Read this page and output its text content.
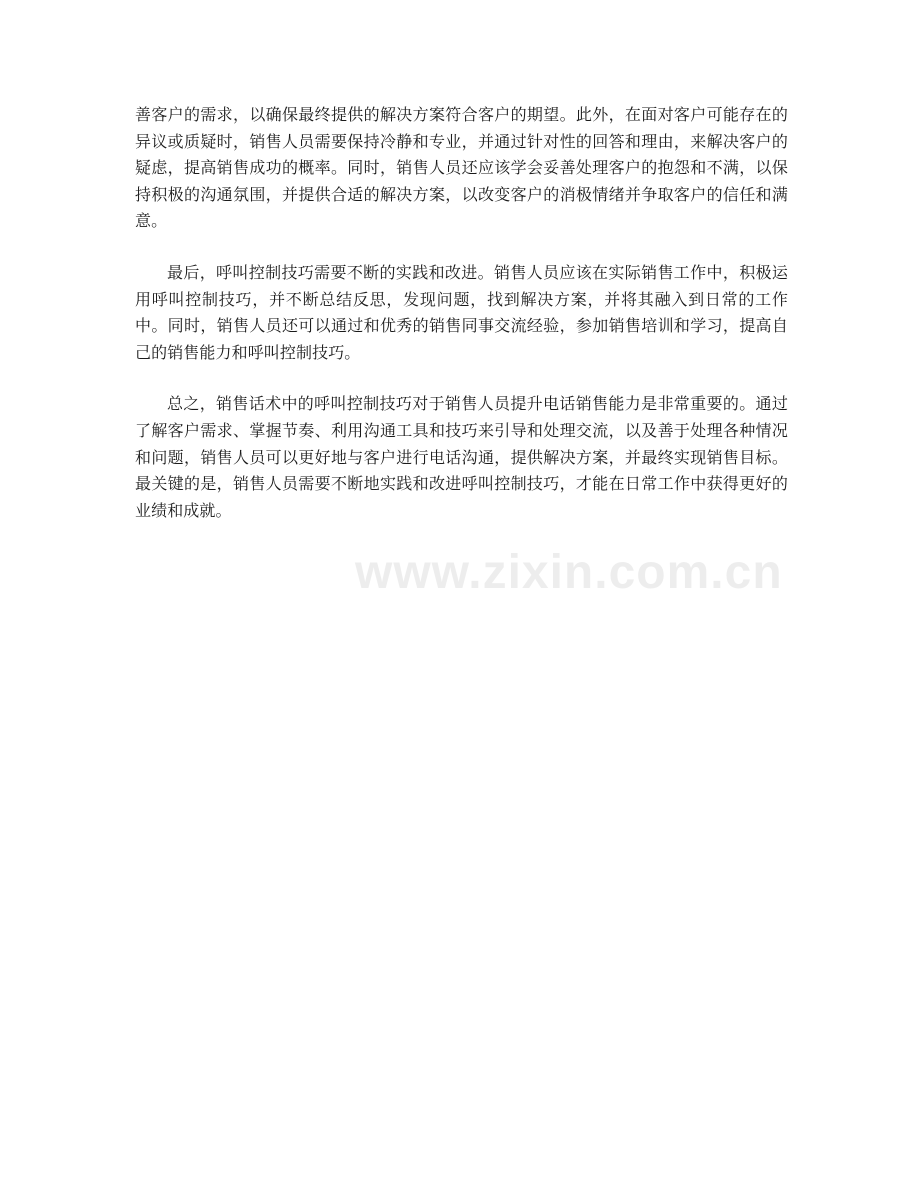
善客户的需求，以确保最终提供的解决方案符合客户的期望。此外，在面对客户可能存在的异议或质疑时，销售人员需要保持冷静和专业，并通过针对性的回答和理由，来解决客户的疑虑，提高销售成功的概率。同时，销售人员还应该学会妥善处理客户的抱怨和不满，以保持积极的沟通氛围，并提供合适的解决方案，以改变客户的消极情绪并争取客户的信任和满意。

最后，呼叫控制技巧需要不断的实践和改进。销售人员应该在实际销售工作中，积极运用呼叫控制技巧，并不断总结反思，发现问题，找到解决方案，并将其融入到日常的工作中。同时，销售人员还可以通过和优秀的销售同事交流经验，参加销售培训和学习，提高自己的销售能力和呼叫控制技巧。

总之，销售话术中的呼叫控制技巧对于销售人员提升电话销售能力是非常重要的。通过了解客户需求、掌握节奏、利用沟通工具和技巧来引导和处理交流，以及善于处理各种情况和问题，销售人员可以更好地与客户进行电话沟通，提供解决方案，并最终实现销售目标。最关键的是，销售人员需要不断地实践和改进呼叫控制技巧，才能在日常工作中获得更好的业绩和成就。

www.zixin.com.cn
